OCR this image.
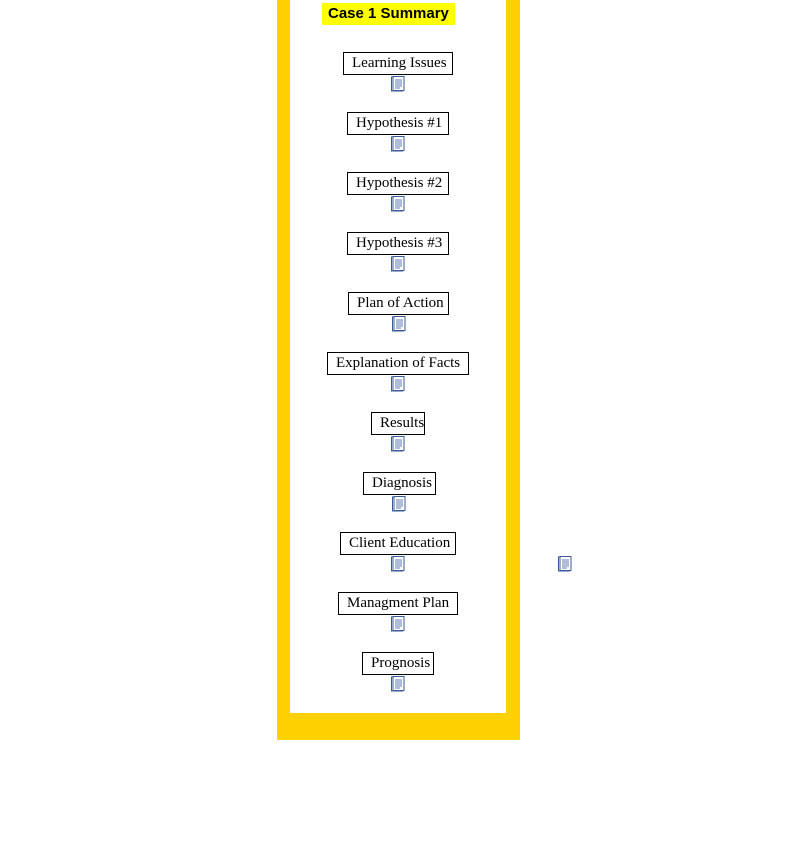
Case 1 Summary
Learning Issues
Hypothesis #1
Hypothesis #2
Hypothesis #3
Plan of Action
Explanation of Facts
Results
Diagnosis
Client Education
Managment Plan
Prognosis
